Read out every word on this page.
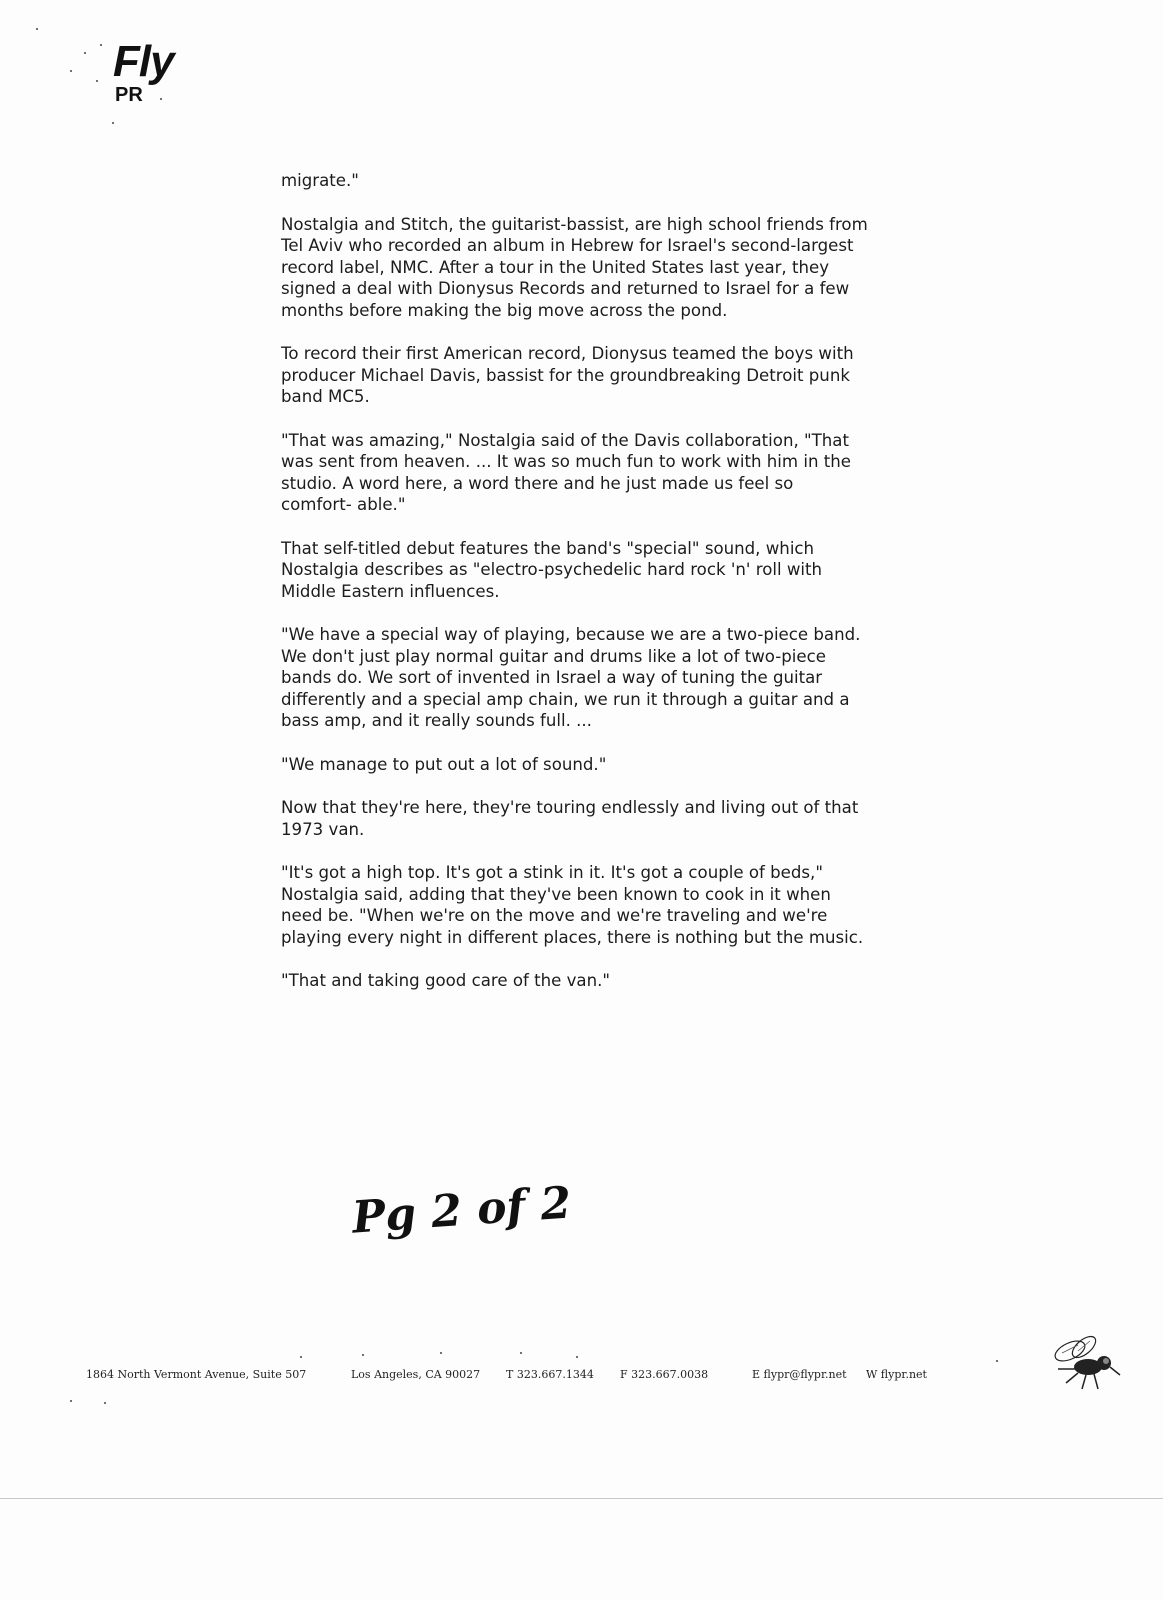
Fly
PR

migrate."

Nostalgia and Stitch, the guitarist-bassist, are high school friends from
Tel Aviv who recorded an album in Hebrew for Israel's second-largest
record label, NMC. After a tour in the United States last year, they
signed a deal with Dionysus Records and returned to Israel for a few
months before making the big move across the pond.

To record their first American record, Dionysus teamed the boys with
producer Michael Davis, bassist for the groundbreaking Detroit punk
band MC5.

"That was amazing," Nostalgia said of the Davis collaboration, "That
was sent from heaven. ... It was so much fun to work with him in the
studio. A word here, a word there and he just made us feel so
comfort- able."

That self-titled debut features the band's "special" sound, which
Nostalgia describes as "electro-psychedelic hard rock 'n' roll with
Middle Eastern influences.

"We have a special way of playing, because we are a two-piece band.
We don't just play normal guitar and drums like a lot of two-piece
bands do. We sort of invented in Israel a way of tuning the guitar
differently and a special amp chain, we run it through a guitar and a
bass amp, and it really sounds full. ...

"We manage to put out a lot of sound."

Now that they're here, they're touring endlessly and living out of that
1973 van.

"It's got a high top. It's got a stink in it. It's got a couple of beds,"
Nostalgia said, adding that they've been known to cook in it when
need be. "When we're on the move and we're traveling and we're
playing every night in different places, there is nothing but the music.

"That and taking good care of the van."

Pg 2 of 2
1864 North Vermont Avenue, Suite 507	Los Angeles, CA 90027 T 323.667.1344 F 323.667.0038	E flypr@flypr.net W flypr.net
